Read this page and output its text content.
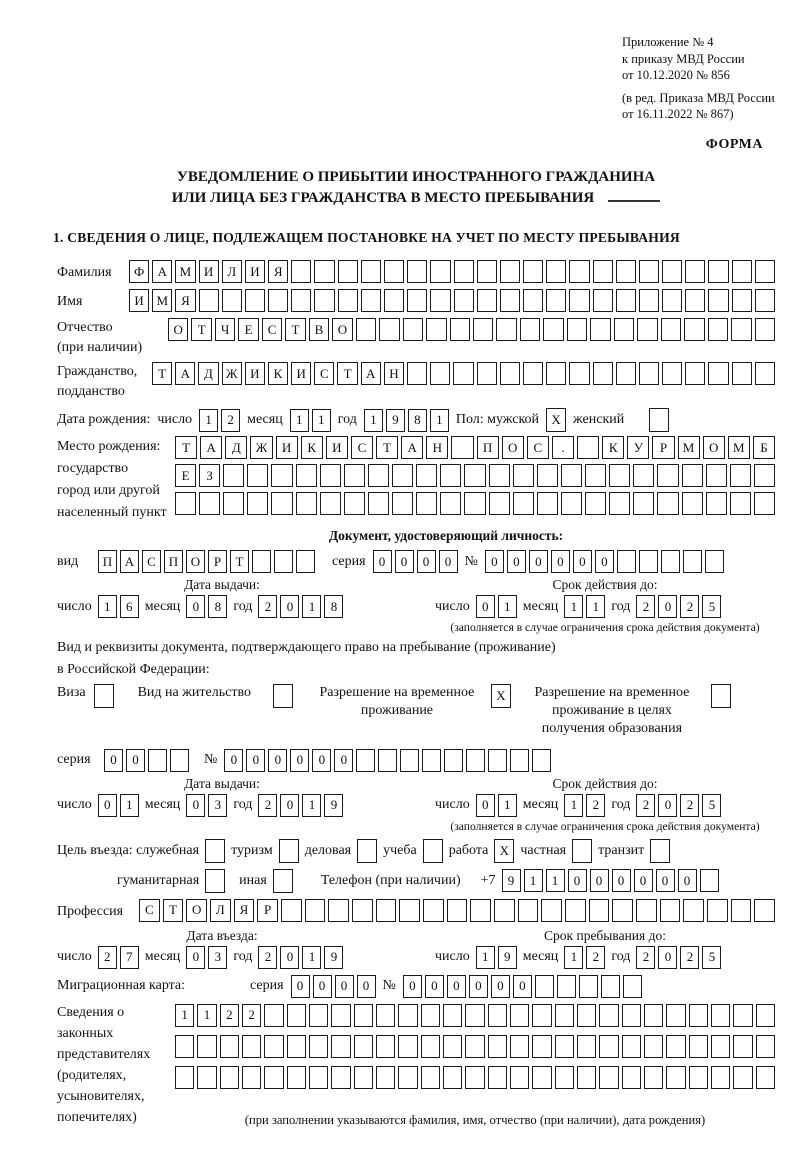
Приложение № 4
к приказу МВД России
от 10.12.2020 № 856
(в ред. Приказа МВД России
от 16.11.2022 № 867)
ФОРМА
УВЕДОМЛЕНИЕ О ПРИБЫТИИ ИНОСТРАННОГО ГРАЖДАНИНА
ИЛИ ЛИЦА БЕЗ ГРАЖДАНСТВА В МЕСТО ПРЕБЫВАНИЯ
1. СВЕДЕНИЯ О ЛИЦЕ, ПОДЛЕЖАЩЕМ ПОСТАНОВКЕ НА УЧЕТ ПО МЕСТУ ПРЕБЫВАНИЯ
Фамилия	Ф	А М И	Л	И	Я
Имя	И М	Я
Отчество
(при наличии)
О	Т	Ч	Е	С	Т	В	О
Гражданство,
подданство
Т	А	Д Ж И	К	И	С	Т	А	Н
Дата рождения: число	1	2 месяц	1	1 год	1	9	8	1 Пол: мужской X женский
Место рождения:
государство
город или другой
населенный пункт
Т	А	Д	Ж	И	К	И	С	Т	А	Н	П	О	С	.	К	У	Р	М	О	М	Б
Е	З
Документ, удостоверяющий личность:
вид	П А С П О	Р	Т	серия	0	0	0	0 №	0	0	0	0	0	0
Дата выдачи:
число 1	6 месяц 0	8 год 2	0	1	8
Срок действия до:
число 0	1 месяц 1	1 год 2	0	2	5
(заполняется в случае ограничения срока действия документа)
Вид и реквизиты документа, подтверждающего право на пребывание (проживание)
в Российской Федерации:
Виза	Вид на жительство	Разрешение на временное проживание
X	Разрешение на временное проживание в целях получения образования
серия	0	0	№	0	0	0	0	0	0
Дата выдачи:
число 0	1 месяц 0	3 год 2	0	1	9
Срок действия до:
число 0	1 месяц 1	2 год 2	0	2	5
(заполняется в случае ограничения срока действия документа)
Цель въезда: служебная туризм деловая учеба работа X частная транзит
гуманитарная	иная	Телефон (при наличии) +7 9	1	1	0	0	0	0	0	0
Профессия	С	Т	О	Л	Я	Р
Дата въезда:
число 2	7 месяц 0	3 год 2	0	1	9
Срок пребывания до:
число 1	9 месяц 1	2 год 2	0	2	5
Миграционная карта:	серия	0	0	0	0 №	0	0	0	0	0	0
Сведения о
законных
представителях
(родителях,
усыновителях,
попечителях)
1	1	2	2
(при заполнении указываются фамилия, имя, отчество (при наличии), дата рождения)
